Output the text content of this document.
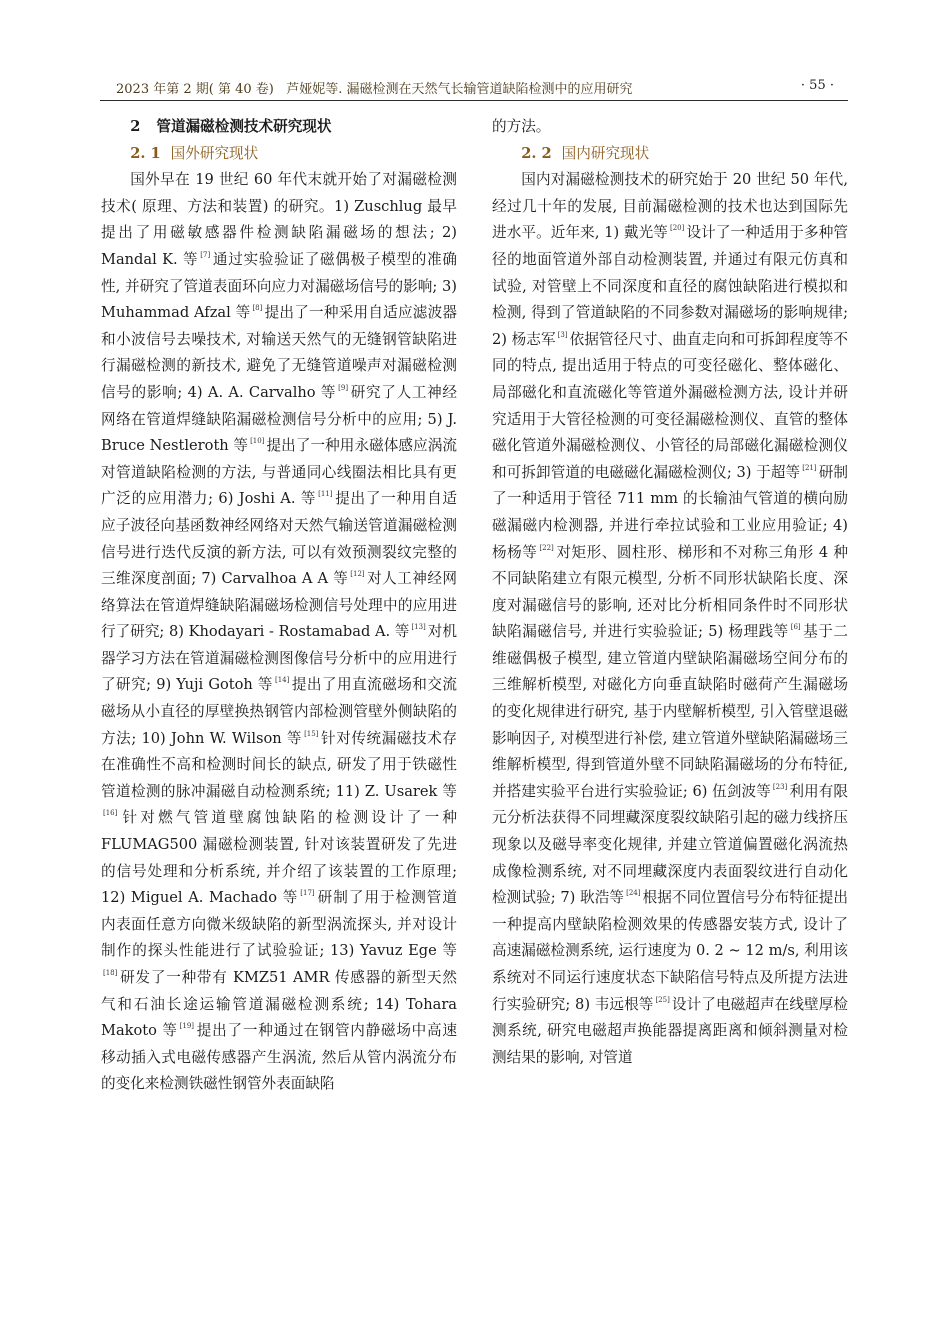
2023 年第 2 期( 第 40 卷) 芦娅妮等. 漏磁检测在天然气长输管道缺陷检测中的应用研究	· 55 ·

2 管道漏磁检测技术研究现状

2. 1 国外研究现状

国外早在 19 世纪 60 年代末就开始了对漏磁检测技术( 原理、方法和装置) 的研究。1) Zuschlug 最早提出了用磁敏感器件检测缺陷漏磁场的想法; 2) Mandal K. 等 [7] 通过实验验证了磁偶极子模型的准确性, 并研究了管道表面环向应力对漏磁场信号的影响; 3) Muhammad Afzal 等 [8] 提出了一种采用自适应滤波器和小波信号去噪技术, 对输送天然气的无缝钢管缺陷进行漏磁检测的新技术, 避免了无缝管道噪声对漏磁检测信号的影响; 4) A. A. Carvalho 等 [9] 研究了人工神经网络在管道焊缝缺陷漏磁检测信号分析中的应用; 5) J. Bruce Nestleroth 等 [10] 提出了一种用永磁体感应涡流对管道缺陷检测的方法, 与普通同心线圈法相比具有更广泛的应用潜力; 6) Joshi A. 等 [11] 提出了一种用自适应子波径向基函数神经网络对天然气输送管道漏磁检测信号进行迭代反演的新方法, 可以有效预测裂纹完整的三维深度剖面; 7) Carvalhoa A A 等 [12] 对人工神经网络算法在管道焊缝缺陷漏磁场检测信号处理中的应用进行了研究; 8) Khodayari - Rostamabad A. 等 [13] 对机器学习方法在管道漏磁检测图像信号分析中的应用进行了研究; 9) Yuji Gotoh 等 [14] 提出了用直流磁场和交流磁场从小直径的厚壁换热钢管内部检测管壁外侧缺陷的方法; 10) John W. Wilson 等 [15] 针对传统漏磁技术存在准确性不高和检测时间长的缺点, 研发了用于铁磁性管道检测的脉冲漏磁自动检测系统; 11) Z. Usarek 等[16] 针对燃气管道壁腐蚀缺陷的检测设计了一种 FLUMAG500 漏磁检测装置, 针对该装置研发了先进的信号处理和分析系统, 并介绍了该装置的工作原理; 12) Miguel A. Machado 等 [17] 研制了用于检测管道内表面任意方向微米级缺陷的新型涡流探头, 并对设计制作的探头性能进行了试验验证; 13) Yavuz Ege 等[18] 研发了一种带有 KMZ51 AMR 传感器的新型天然气和石油长途运输管道漏磁检测系统; 14) Tohara Makoto 等 [19] 提出了一种通过在钢管内静磁场中高速移动插入式电磁传感器产生涡流, 然后从管内涡流分布的变化来检测铁磁性钢管外表面缺陷

的方法。

2. 2 国内研究现状

国内对漏磁检测技术的研究始于 20 世纪 50 年代, 经过几十年的发展, 目前漏磁检测的技术也达到国际先进水平。近年来, 1) 戴光等 [20] 设计了一种适用于多种管径的地面管道外部自动检测装置, 并通过有限元仿真和试验, 对管壁上不同深度和直径的腐蚀缺陷进行模拟和检测, 得到了管道缺陷的不同参数对漏磁场的影响规律; 2) 杨志军 [3] 依据管径尺寸、曲直走向和可拆卸程度等不同的特点, 提出适用于特点的可变径磁化、整体磁化、局部磁化和直流磁化等管道外漏磁检测方法, 设计并研究适用于大管径检测的可变径漏磁检测仪、直管的整体磁化管道外漏磁检测仪、小管径的局部磁化漏磁检测仪和可拆卸管道的电磁磁化漏磁检测仪; 3) 于超等 [21] 研制了一种适用于管径 711 mm 的长输油气管道的横向励磁漏磁内检测器, 并进行牵拉试验和工业应用验证; 4) 杨杨等 [22] 对矩形、圆柱形、梯形和不对称三角形 4 种不同缺陷建立有限元模型, 分析不同形状缺陷长度、深度对漏磁信号的影响, 还对比分析相同条件时不同形状缺陷漏磁信号, 并进行实验验证; 5) 杨理践等 [6] 基于二维磁偶极子模型, 建立管道内壁缺陷漏磁场空间分布的三维解析模型, 对磁化方向垂直缺陷时磁荷产生漏磁场的变化规律进行研究, 基于内壁解析模型, 引入管壁退磁影响因子, 对模型进行补偿, 建立管道外壁缺陷漏磁场三维解析模型, 得到管道外壁不同缺陷漏磁场的分布特征, 并搭建实验平台进行实验验证; 6) 伍剑波等 [23] 利用有限元分析法获得不同埋藏深度裂纹缺陷引起的磁力线挤压现象以及磁导率变化规律, 并建立管道偏置磁化涡流热成像检测系统, 对不同埋藏深度内表面裂纹进行自动化检测试验; 7) 耿浩等 [24] 根据不同位置信号分布特征提出一种提高内壁缺陷检测效果的传感器安装方式, 设计了高速漏磁检测系统, 运行速度为 0. 2 ~ 12 m/s, 利用该系统对不同运行速度状态下缺陷信号特点及所提方法进行实验研究; 8) 韦远根等 [25] 设计了电磁超声在线壁厚检测系统, 研究电磁超声换能器提离距离和倾斜测量对检测结果的影响, 对管道
